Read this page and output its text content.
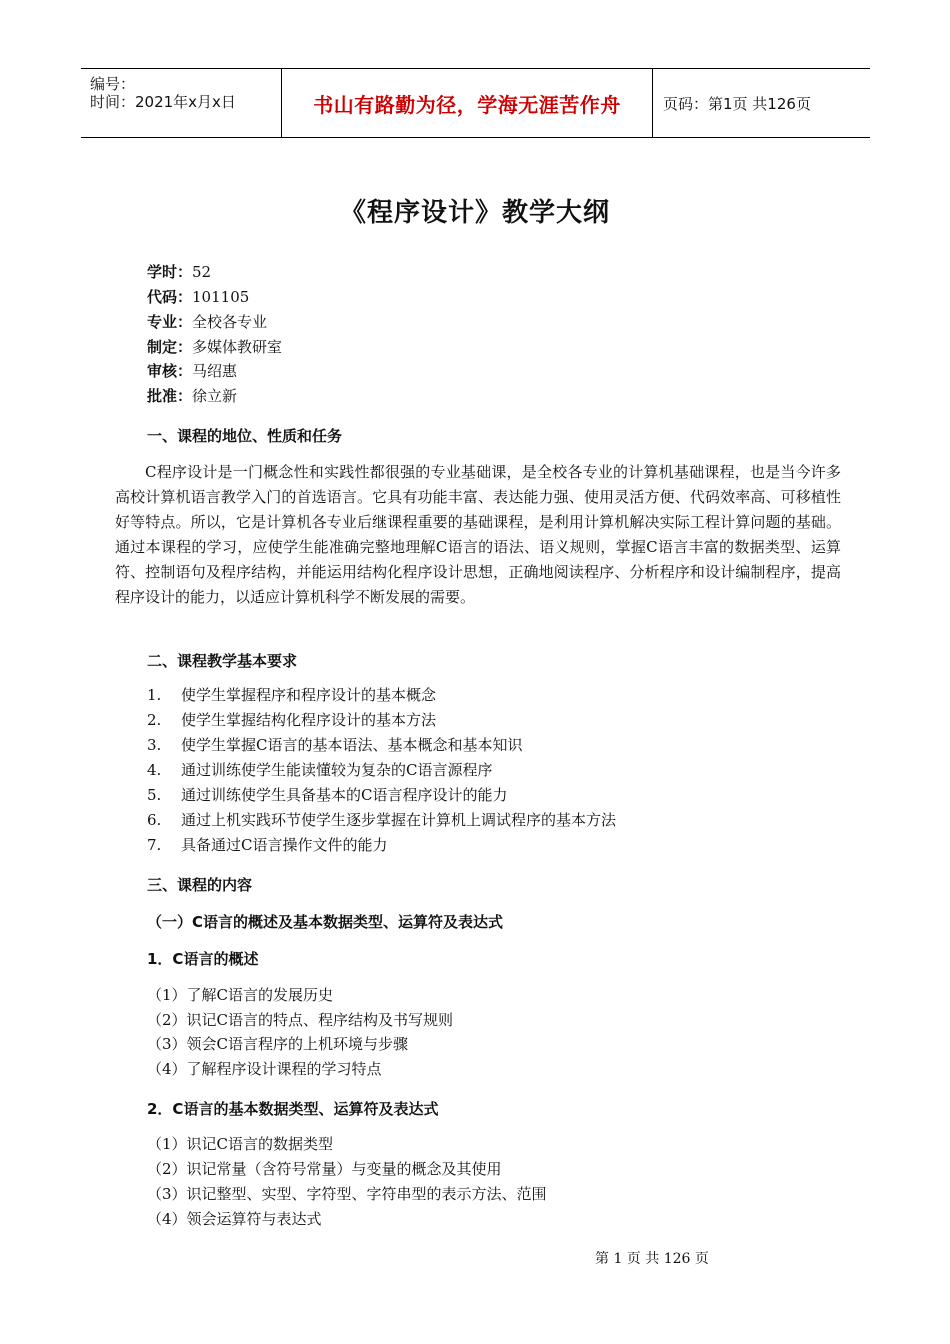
编号：
时间：2021年x月x日	书山有路勤为径，学海无涯苦作舟	页码：第1页 共126页
《程序设计》教学大纲
学时：52
代码：101105
专业：全校各专业
制定：多媒体教研室
审核：马绍惠
批准：徐立新
一、课程的地位、性质和任务

C程序设计是一门概念性和实践性都很强的专业基础课，是全校各专业的计算机基础课程，也是当今许多高校计算机语言教学入门的首选语言。它具有功能丰富、表达能力强、使用灵活方便、代码效率高、可移植性好等特点。所以，它是计算机各专业后继课程重要的基础课程，是利用计算机解决实际工程计算问题的基础。通过本课程的学习，应使学生能准确完整地理解C语言的语法、语义规则，掌握C语言丰富的数据类型、运算符、控制语句及程序结构，并能运用结构化程序设计思想，正确地阅读程序、分析程序和设计编制程序，提高程序设计的能力，以适应计算机科学不断发展的需要。

二、课程教学基本要求
1. 使学生掌握程序和程序设计的基本概念
2. 使学生掌握结构化程序设计的基本方法
3. 使学生掌握C语言的基本语法、基本概念和基本知识
4. 通过训练使学生能读懂较为复杂的C语言源程序
5. 通过训练使学生具备基本的C语言程序设计的能力
6. 通过上机实践环节使学生逐步掌握在计算机上调试程序的基本方法
7. 具备通过C语言操作文件的能力
三、课程的内容
（一）C语言的概述及基本数据类型、运算符及表达式
1．C语言的概述
（1）了解C语言的发展历史
（2）识记C语言的特点、程序结构及书写规则
（3）领会C语言程序的上机环境与步骤
（4）了解程序设计课程的学习特点
2．C语言的基本数据类型、运算符及表达式
（1）识记C语言的数据类型
（2）识记常量（含符号常量）与变量的概念及其使用
（3）识记整型、实型、字符型、字符串型的表示方法、范围
（4）领会运算符与表达式
第 1 页 共 126 页
